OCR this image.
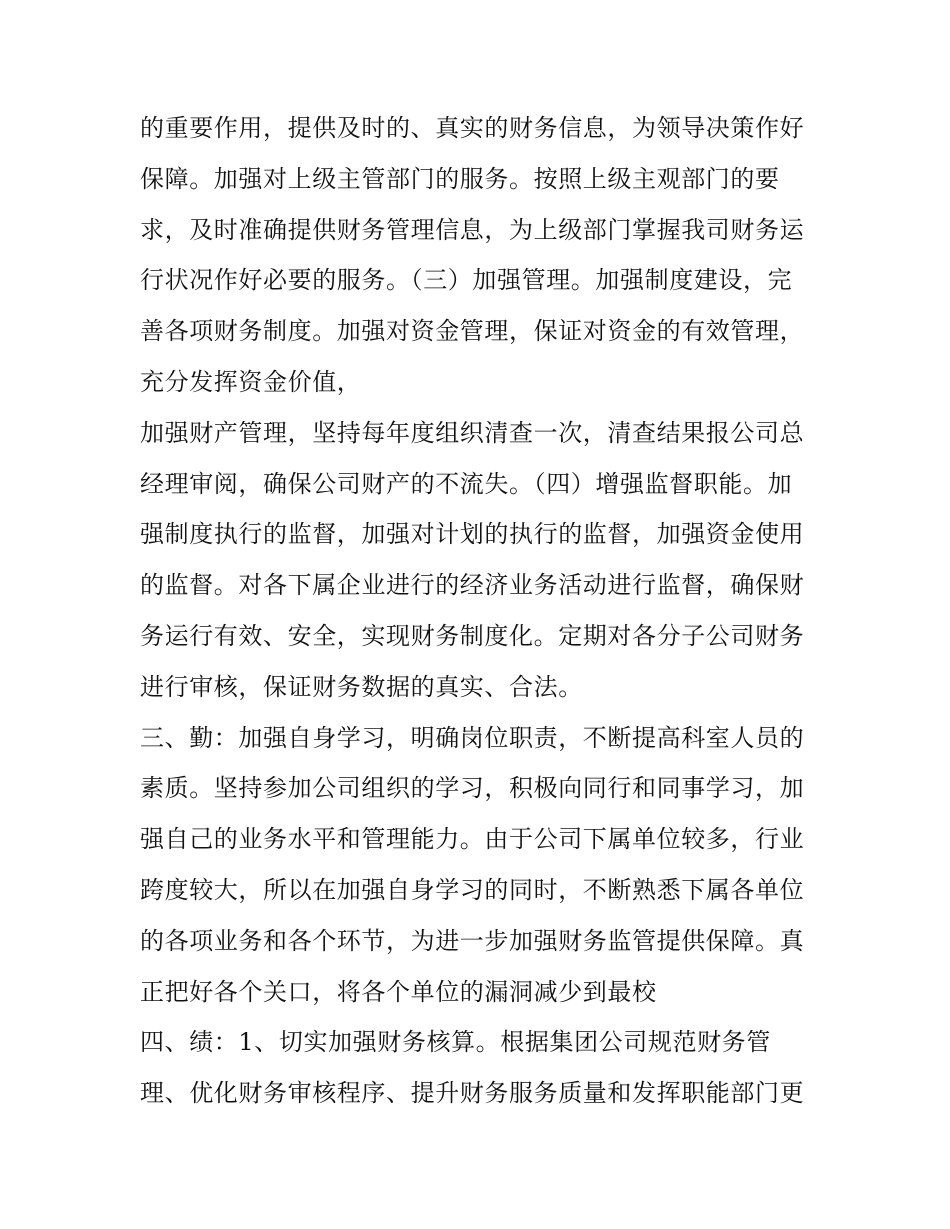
的重要作用，提供及时的、真实的财务信息，为领导决策作好
保障。加强对上级主管部门的服务。按照上级主观部门的要
求，及时准确提供财务管理信息，为上级部门掌握我司财务运
行状况作好必要的服务。（三）加强管理。加强制度建设，完
善各项财务制度。加强对资金管理，保证对资金的有效管理，
充分发挥资金价值，
加强财产管理，坚持每年度组织清查一次，清查结果报公司总
经理审阅，确保公司财产的不流失。（四）增强监督职能。加
强制度执行的监督，加强对计划的执行的监督，加强资金使用
的监督。对各下属企业进行的经济业务活动进行监督，确保财
务运行有效、安全，实现财务制度化。定期对各分子公司财务
进行审核，保证财务数据的真实、合法。
三、勤：加强自身学习，明确岗位职责，不断提高科室人员的
素质。坚持参加公司组织的学习，积极向同行和同事学习，加
强自己的业务水平和管理能力。由于公司下属单位较多，行业
跨度较大，所以在加强自身学习的同时，不断熟悉下属各单位
的各项业务和各个环节，为进一步加强财务监管提供保障。真
正把好各个关口，将各个单位的漏洞减少到最校
四、绩：1、切实加强财务核算。根据集团公司规范财务管
理、优化财务审核程序、提升财务服务质量和发挥职能部门更
